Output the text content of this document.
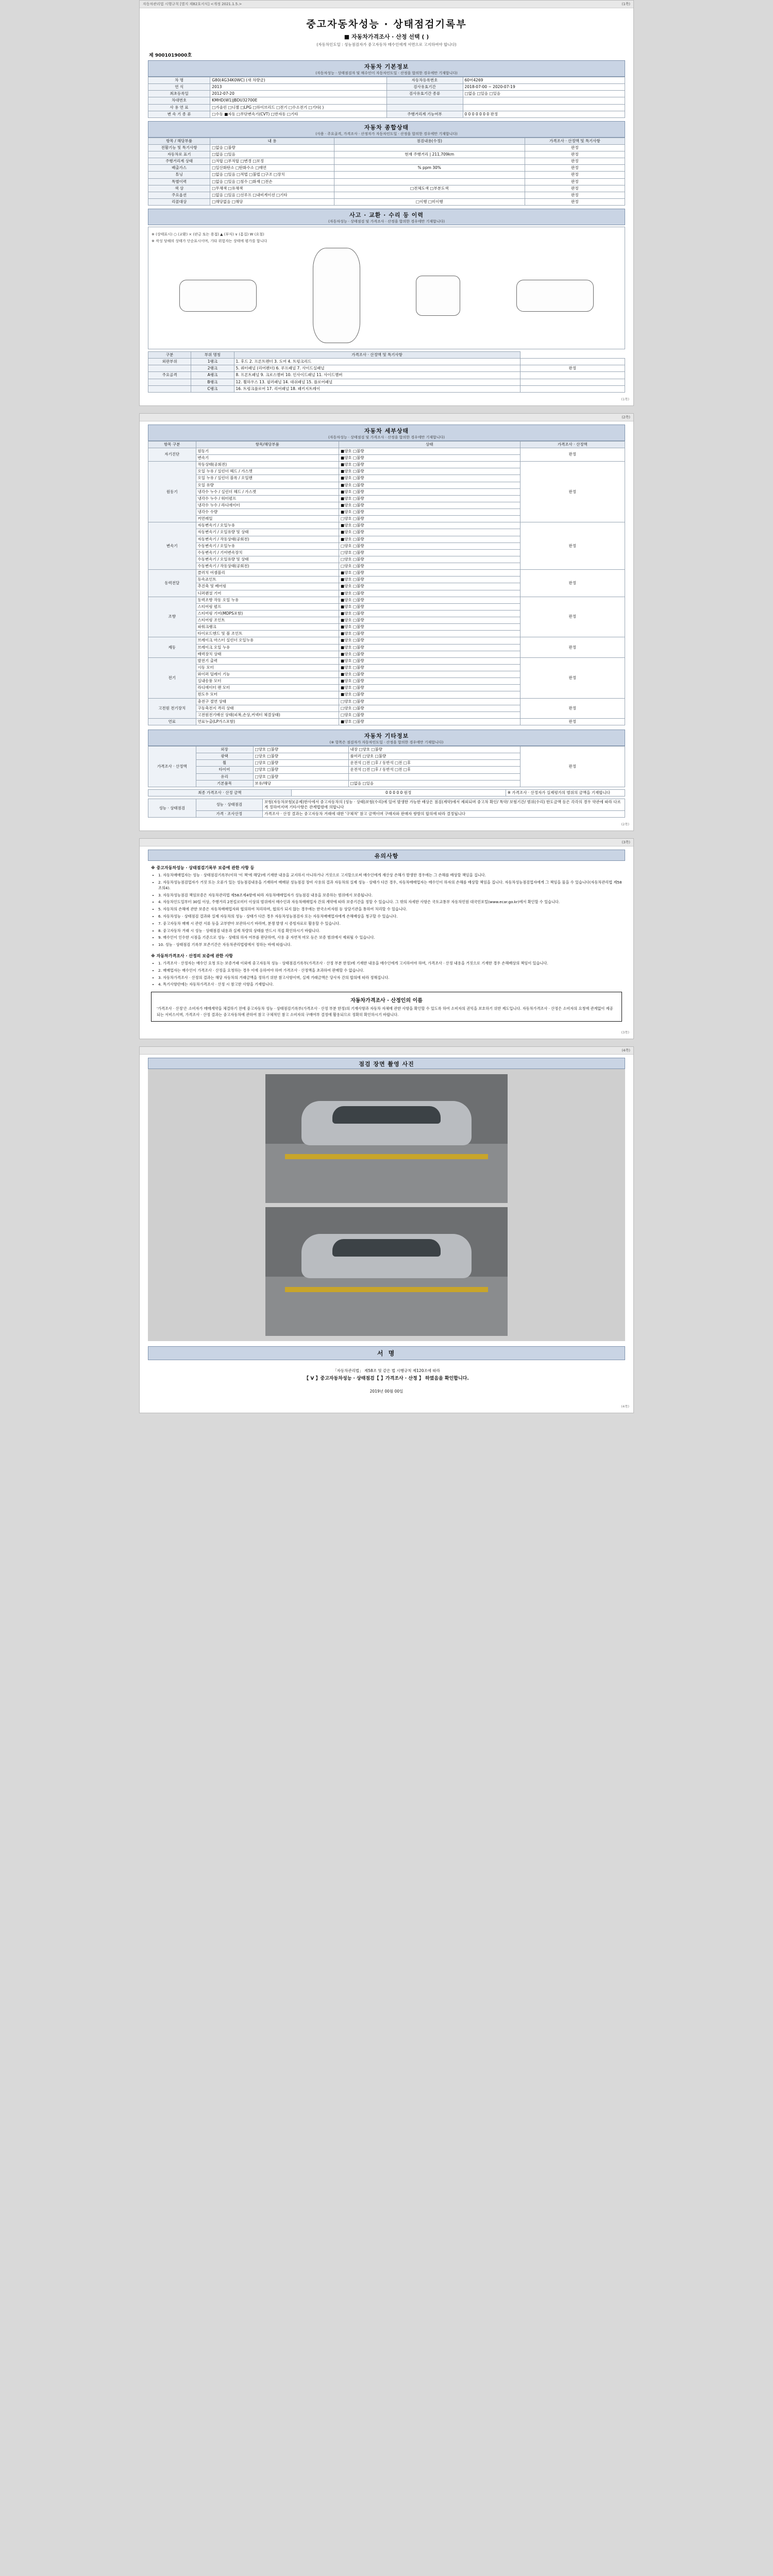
자동차관리법 시행규칙 [별지 제82호서식] <개정 2021.1.5.>	(1쪽)
중고자동차성능 · 상태점검기록부
■ 자동차가격조사 · 산정 선택 ( )
(자동차인도일 : 성능점검자가 중고자동차 매수인에게 서면으로 고지하여야 합니다)
제 9001019000호
자동차 기본정보
(자동차성능 · 상태점검자 및 매수인이 자동차인도일 · 산정을 합의한 경우에만 기재합니다)
차 명	G80(4G34K0WC) (새 차량금)	자동차등록번호	60머4269
연 식	2013	검사유효기간	2018-07-00 ~ 2020-07-19
최초등록일	2012-07-20	검사유효기간 종류	□없음 □있음 □있음
차대번호	KMHD(W1)JBDU32700E		
사 용 연 료	□가솔린 □디젤 □LPG □하이브리드 □전기 □수소전기 □기타( )		
변 속 기 종 류	□수동 ■자동 □무단변속기(CVT) □반자동 □기타	주행거리계 기능여부	0 0 0 0 0 0 0 판정
자동차 종합상태
(사용 · 주요골격, 가격조사 · 산정자가 자동차인도일 · 산정을 합의한 경우에만 기재합니다)
항목 / 해당부품	내 용	점검내용(수정)	가격조사 · 산정액 및 특기사항
전활기능 및 특기사항	□없음 □불량		판정
자동차로 표기	□없음 □있음	현재 주행거리 | 211,709km	판정
주행거리계 상태	□적합 □부적합 □변경 □보정		판정
배출가스	□일산화탄소 □탄화수소 □매연	% ppm 30%	판정
튜닝	□없음 □있음 □적법 □불법 □구조 □장치		판정
특별이력	□없음 □있음 □침수 □화재 □전손		판정
색 상	□무채색 □유채색	□전체도색 □부분도색	판정
주요옵션	□없음 □있음 □선루프 □내비게이션 □기타		판정
리콜대상	□해당없음 □해당	□이행 □미이행	판정
사고 · 교환 · 수리 등 이력
(자동차성능 · 상태점검 및 가격조사 · 산정을 합의한 경우에만 기재합니다)
※ (상태표시) ○ (교환) × (판금 또는 용접) ▲ (부식) ∨ (흠집) W (요철)
※ 작성 당해의 상태가 단순표시이며, 기타 위험자는 상태에 평가를 합니다
구분	부위 명칭	가격조사 · 산정액 및 특기사항	
외판부위	1랭크	1. 후드 2. 프론트펜더 3. 도어 4. 트렁크리드	
	2랭크	5. 쿼터패널 (리어펜더) 6. 루프패널 7. 사이드실패널	판정
주요골격	A랭크	8. 프론트패널 9. 크로스멤버 10. 인사이드패널 11. 사이드멤버	
	B랭크	12. 휠하우스 13. 필러패널 14. 대쉬패널 15. 플로어패널	
	C랭크	16. 트렁크플로어 17. 리어패널 18. 패키지트레이	
(1쪽)

(2쪽)
자동차 세부상태
(자동차성능 · 상태점검 및 가격조사 · 산정을 합의한 경우에만 기재합니다)
항목 구분	항목/해당부품	상태	가격조사 · 산정액
자기진단	원동기	■양호 □불량	판정
	변속기	■양호 □불량	
원동기	작동상태(공회전)	■양호 □불량	판정
	오일 누유 / 실린더 헤드 / 가스켓	■양호 □불량	
	오일 누유 / 실린더 블록 / 오일팬	■양호 □불량	
	오일 유량	■양호 □불량	
	냉각수 누수 / 실린더 헤드 / 가스켓	■양호 □불량	
	냉각수 누수 / 워터펌프	■양호 □불량	
	냉각수 누수 / 라디에이터	■양호 □불량	
	냉각수 수량	■양호 □불량	
	커먼레일	□양호 □불량	
변속기	자동변속기 / 오일누유	■양호 □불량	판정
	자동변속기 / 오일유량 및 상태	■양호 □불량	
	자동변속기 / 작동상태(공회전)	■양호 □불량	
	수동변속기 / 오일누유	□양호 □불량	
	수동변속기 / 기어변속장치	□양호 □불량	
	수동변속기 / 오일유량 및 상태	□양호 □불량	
	수동변속기 / 작동상태(공회전)	□양호 □불량	
동력전달	클러치 어셈블리	■양호 □불량	판정
	등속죠인트	■양호 □불량	
	추진축 및 베어링	■양호 □불량	
	디퍼렌셜 기어	■양호 □불량	
조향	동력조향 작동 오일 누유	■양호 □불량	판정
	스티어링 펌프	■양호 □불량	
	스티어링 기어(MDPS포함)	■양호 □불량	
	스티어링 조인트	■양호 □불량	
	파워크랭크	■양호 □불량	
	타이로드엔드 및 볼 조인트	■양호 □불량	
제동	브레이크 마스터 실린더 오일누유	■양호 □불량	판정
	브레이크 오일 누유	■양호 □불량	
	배력장치 상태	■양호 □불량	
전기	발전기 출력	■양호 □불량	판정
	시동 모터	■양호 □불량	
	와이퍼 딜레이 기능	■양호 □불량	
	실내송풍 모터	■양호 □불량	
	라디에이터 팬 모터	■양호 □불량	
	윈도우 모터	■양호 □불량	
고전원 전기장치	충전구 절연 상태	□양호 □불량	판정
	구동축전지 격리 상태	□양호 □불량	
	고전원전기배선 상태(피복,손상,커넥터 체결상태)	□양호 □불량	
연료	연료누출(LP가스포함)	■양호 □불량	판정
자동차 기타정보
(※ 항목은 점검자가 자동차인도일 · 산정을 합의한 경우에만 기재합니다)
가격조사 · 산정액	외장	□양호 □불량	내장 □양호 □불량	판정
	광택	□양호 □불량	룸미러 □양호 □불량	
	휠	□양호 □불량	운전석 □전 □후 / 동반석 □전 □후	
	타이어	□양호 □불량	운전석 □전 □후 / 동반석 □전 □후	
	유리	□양호 □불량		
	기본품목	보유/해당	□없음 □있음	
최종 가격조사 · 산정 금액	0 0 0 0 0 원정	※ 가격조사 · 산정자가 실제평가의 범위의 금액을 기재합니다
성능 · 상태점검	성능 · 상태점검	보험(자동차보험)(공제)한사에서 중고자동차의 (성능 · 상태)보험(수리)에 있어 발생한 가능한 배상은 점검(계약)에서 제외되며 중고차 확인/ 특약/ 보험기간/ 범위(수리) 한도금액 등은 각각의 경우 약관에 따라 다르게 정하여지며 기타사항은 관계법령에 의합니다
	가격 · 조사산정	가격조사 · 산정 결과는 중고자동차 거래에 대한 '구체적' 참고 금액이며 구매자와 판매자 쌍방의 합의에 따라 결정됩니다
(2쪽)

(3쪽)
유의사항
※ 중고자동차성능 · 상태점검기록부 보증에 관한 사항 등
• 1. 자동차매매업자는 성능 · 상태점검기록부(이하 '이 책'에 해당)에 기재한 내용을 교지하지 아니하거나 거짓으로 고지할으로써 매수인에게 재산상 손해가 발생한 경우에는 그 손해를 배상할 책임을 집니다.
• 2. 자동차성능점검업자가 거짓 또는 오류가 있는 성능점검내용을 기재하여 매매된 성능점검 장비 사용의 결과 자동차의 실제 성능 · 상태가 다른 경우, 자동차매매업자는 매수인이 하자의 손해를 배상할 책임을 집니다. 자동차성능점검업자에게 그 책임을 물을 수 있습니다(자동차관리법 제58조의4).
• 3. 자동차성능점검 책임보증은 자동차관리법 제58조제4항에 따라 자동차매매업자가 성능점검 내용을 보증하는 범위에서 보증됩니다.
• 4. 자동차인도일부터 30일 이상, 주행거리 2천킬로미터 이상의 범위에서 매수인과 자동차매매업자 간의 계약에 따라 보증기간을 정할 수 있습니다. 그 밖의 자세한 사항은 국토교통부 자동차민원 대국민포털(www.ecar.go.kr)에서 확인할 수 있습니다.
• 5. 자동차의 손해에 관한 보증은 자동차매매업자와 협의하여 처리하며, 협의가 되지 않는 경우에는 한국소비자원 등 상담기관을 통하여 처리할 수 있습니다.
• 6. 자동차성능 · 상태점검 결과와 실제 자동차의 성능 · 상태가 다른 경우 자동차성능점검자 또는 자동차매매업자에게 손해배상을 청구할 수 있습니다.
• 7. 중고자동차 매매 시 관련 서류 등을 교부받아 보관하시기 바라며, 분쟁 발생 시 증빙자료로 활용할 수 있습니다.
• 8. 중고자동차 거래 시 성능 · 상태점검 내용과 실제 차량의 상태를 반드시 직접 확인하시기 바랍니다.
• 9. 매수인이 인수한 시점을 기준으로 성능 · 상태의 하자 여부를 판단하며, 사용 중 자연적 마모 등은 보증 범위에서 제외될 수 있습니다.
• 10. 성능 · 상태점검 기록부 보존기간은 자동차관리법령에서 정하는 바에 따릅니다.
※ 자동차가격조사 · 산정의 보증에 관한 사항
• 1. 가격조사 · 산정자는 매수인 요청 또는 보증거래 이외에 중고자동차 성능 · 상태점검기록부(가격조사 · 산정 부분 한정)에 기재한 내용을 매수인에게 고지하여야 하며, 가격조사 · 산정 내용을 거짓으로 기재한 경우 손해배상의 책임이 있습니다.
• 2. 매매업자는 매수인이 가격조사 · 산정을 요청하는 경우 이에 응하여야 하며 가격조사 · 산정액을 초과하여 판매할 수 없습니다.
• 3. 자동차가격조사 · 산정의 결과는 해당 자동차의 거래금액을 정하기 위한 참고사항이며, 실제 거래금액은 당사자 간의 합의에 따라 정해집니다.
• 4. 특기사항란에는 자동차가격조사 · 산정 시 참고한 사항을 기재합니다.
자동차가격조사 · 산정인의 이름
'가격조사 · 산정'은 소비자가 매매계약을 체결하기 전에 중고자동차 성능 · 상태점검기록부(가격조사 · 산정 부분 한정)의 기재사항과 자동차 자체에 관한 사항을 확인할 수 있도록 하여 소비자의 권익을 보호하기 위한 제도입니다. 자동차가격조사 · 산정은 소비자의 요청에 관계없이 제공되는 서비스이며, 가격조사 · 산정 결과는 중고자동차에 관하여 참고 구체적인 참고 소비자의 구매여부 결정에 활용되므로 정확히 확인하시기 바랍니다.
(3쪽)

(4쪽)
점검 장면 촬영 사진
서 명
「자동차관리법」 제58조 및 같은 법 시행규칙 제120조에 따라
【 Ⅴ 】중고자동차성능 · 상태점검【 】가격조사 · 산정 】 하였음을 확인합니다.
2019년 00월 00일
(4쪽)
